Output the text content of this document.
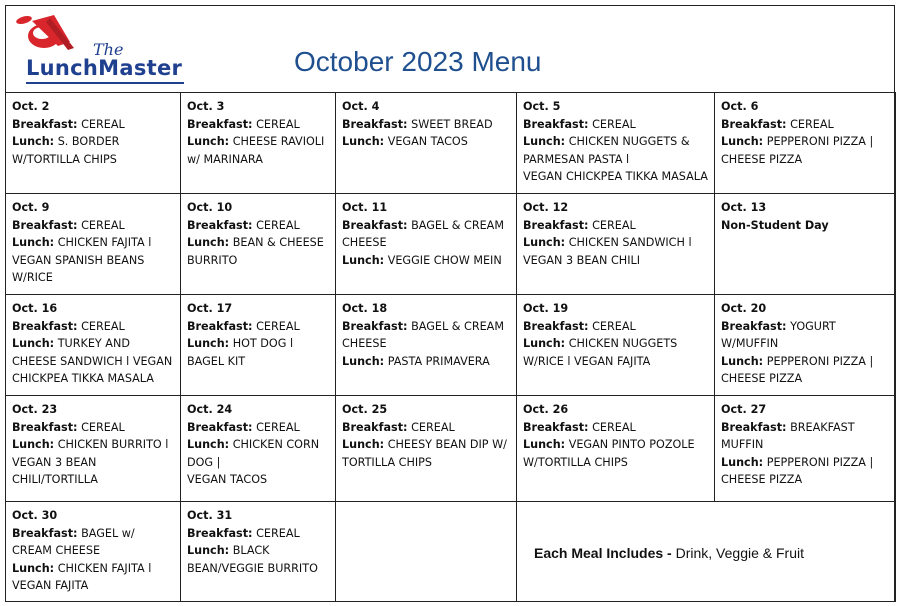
The
LunchMaster	October 2023 Menu
Oct. 2
Breakfast: CEREAL
Lunch: S. BORDER W/TORTILLA CHIPS	Oct. 3
Breakfast: CEREAL
Lunch: CHEESE RAVIOLI w/ MARINARA	Oct. 4
Breakfast: SWEET BREAD
Lunch: VEGAN TACOS	Oct. 5
Breakfast: CEREAL
Lunch: CHICKEN NUGGETS & PARMESAN PASTA l
VEGAN CHICKPEA TIKKA MASALA	Oct. 6
Breakfast: CEREAL
Lunch: PEPPERONI PIZZA | CHEESE PIZZA

Oct. 9
Breakfast: CEREAL
Lunch: CHICKEN FAJITA l VEGAN SPANISH BEANS W/RICE	Oct. 10
Breakfast: CEREAL
Lunch: BEAN & CHEESE BURRITO	Oct. 11
Breakfast: BAGEL & CREAM CHEESE
Lunch: VEGGIE CHOW MEIN	Oct. 12
Breakfast: CEREAL
Lunch: CHICKEN SANDWICH l VEGAN 3 BEAN CHILI	Oct. 13
Non-Student Day

Oct. 16
Breakfast: CEREAL
Lunch: TURKEY AND CHEESE SANDWICH l VEGAN CHICKPEA TIKKA MASALA	Oct. 17
Breakfast: CEREAL
Lunch: HOT DOG l BAGEL KIT	Oct. 18
Breakfast: BAGEL & CREAM CHEESE
Lunch: PASTA PRIMAVERA	Oct. 19
Breakfast: CEREAL
Lunch: CHICKEN NUGGETS W/RICE l VEGAN FAJITA	Oct. 20
Breakfast: YOGURT W/MUFFIN
Lunch: PEPPERONI PIZZA | CHEESE PIZZA

Oct. 23
Breakfast: CEREAL
Lunch: CHICKEN BURRITO l VEGAN 3 BEAN CHILI/TORTILLA	Oct. 24
Breakfast: CEREAL
Lunch: CHICKEN CORN DOG |
VEGAN TACOS	Oct. 25
Breakfast: CEREAL
Lunch: CHEESY BEAN DIP W/ TORTILLA CHIPS	Oct. 26
Breakfast: CEREAL
Lunch: VEGAN PINTO POZOLE W/TORTILLA CHIPS	Oct. 27
Breakfast: BREAKFAST MUFFIN
Lunch: PEPPERONI PIZZA | CHEESE PIZZA

Oct. 30
Breakfast: BAGEL w/ CREAM CHEESE
Lunch: CHICKEN FAJITA l VEGAN FAJITA	Oct. 31
Breakfast: CEREAL
Lunch: BLACK BEAN/VEGGIE BURRITO		Each Meal Includes - Drink, Veggie & Fruit	
